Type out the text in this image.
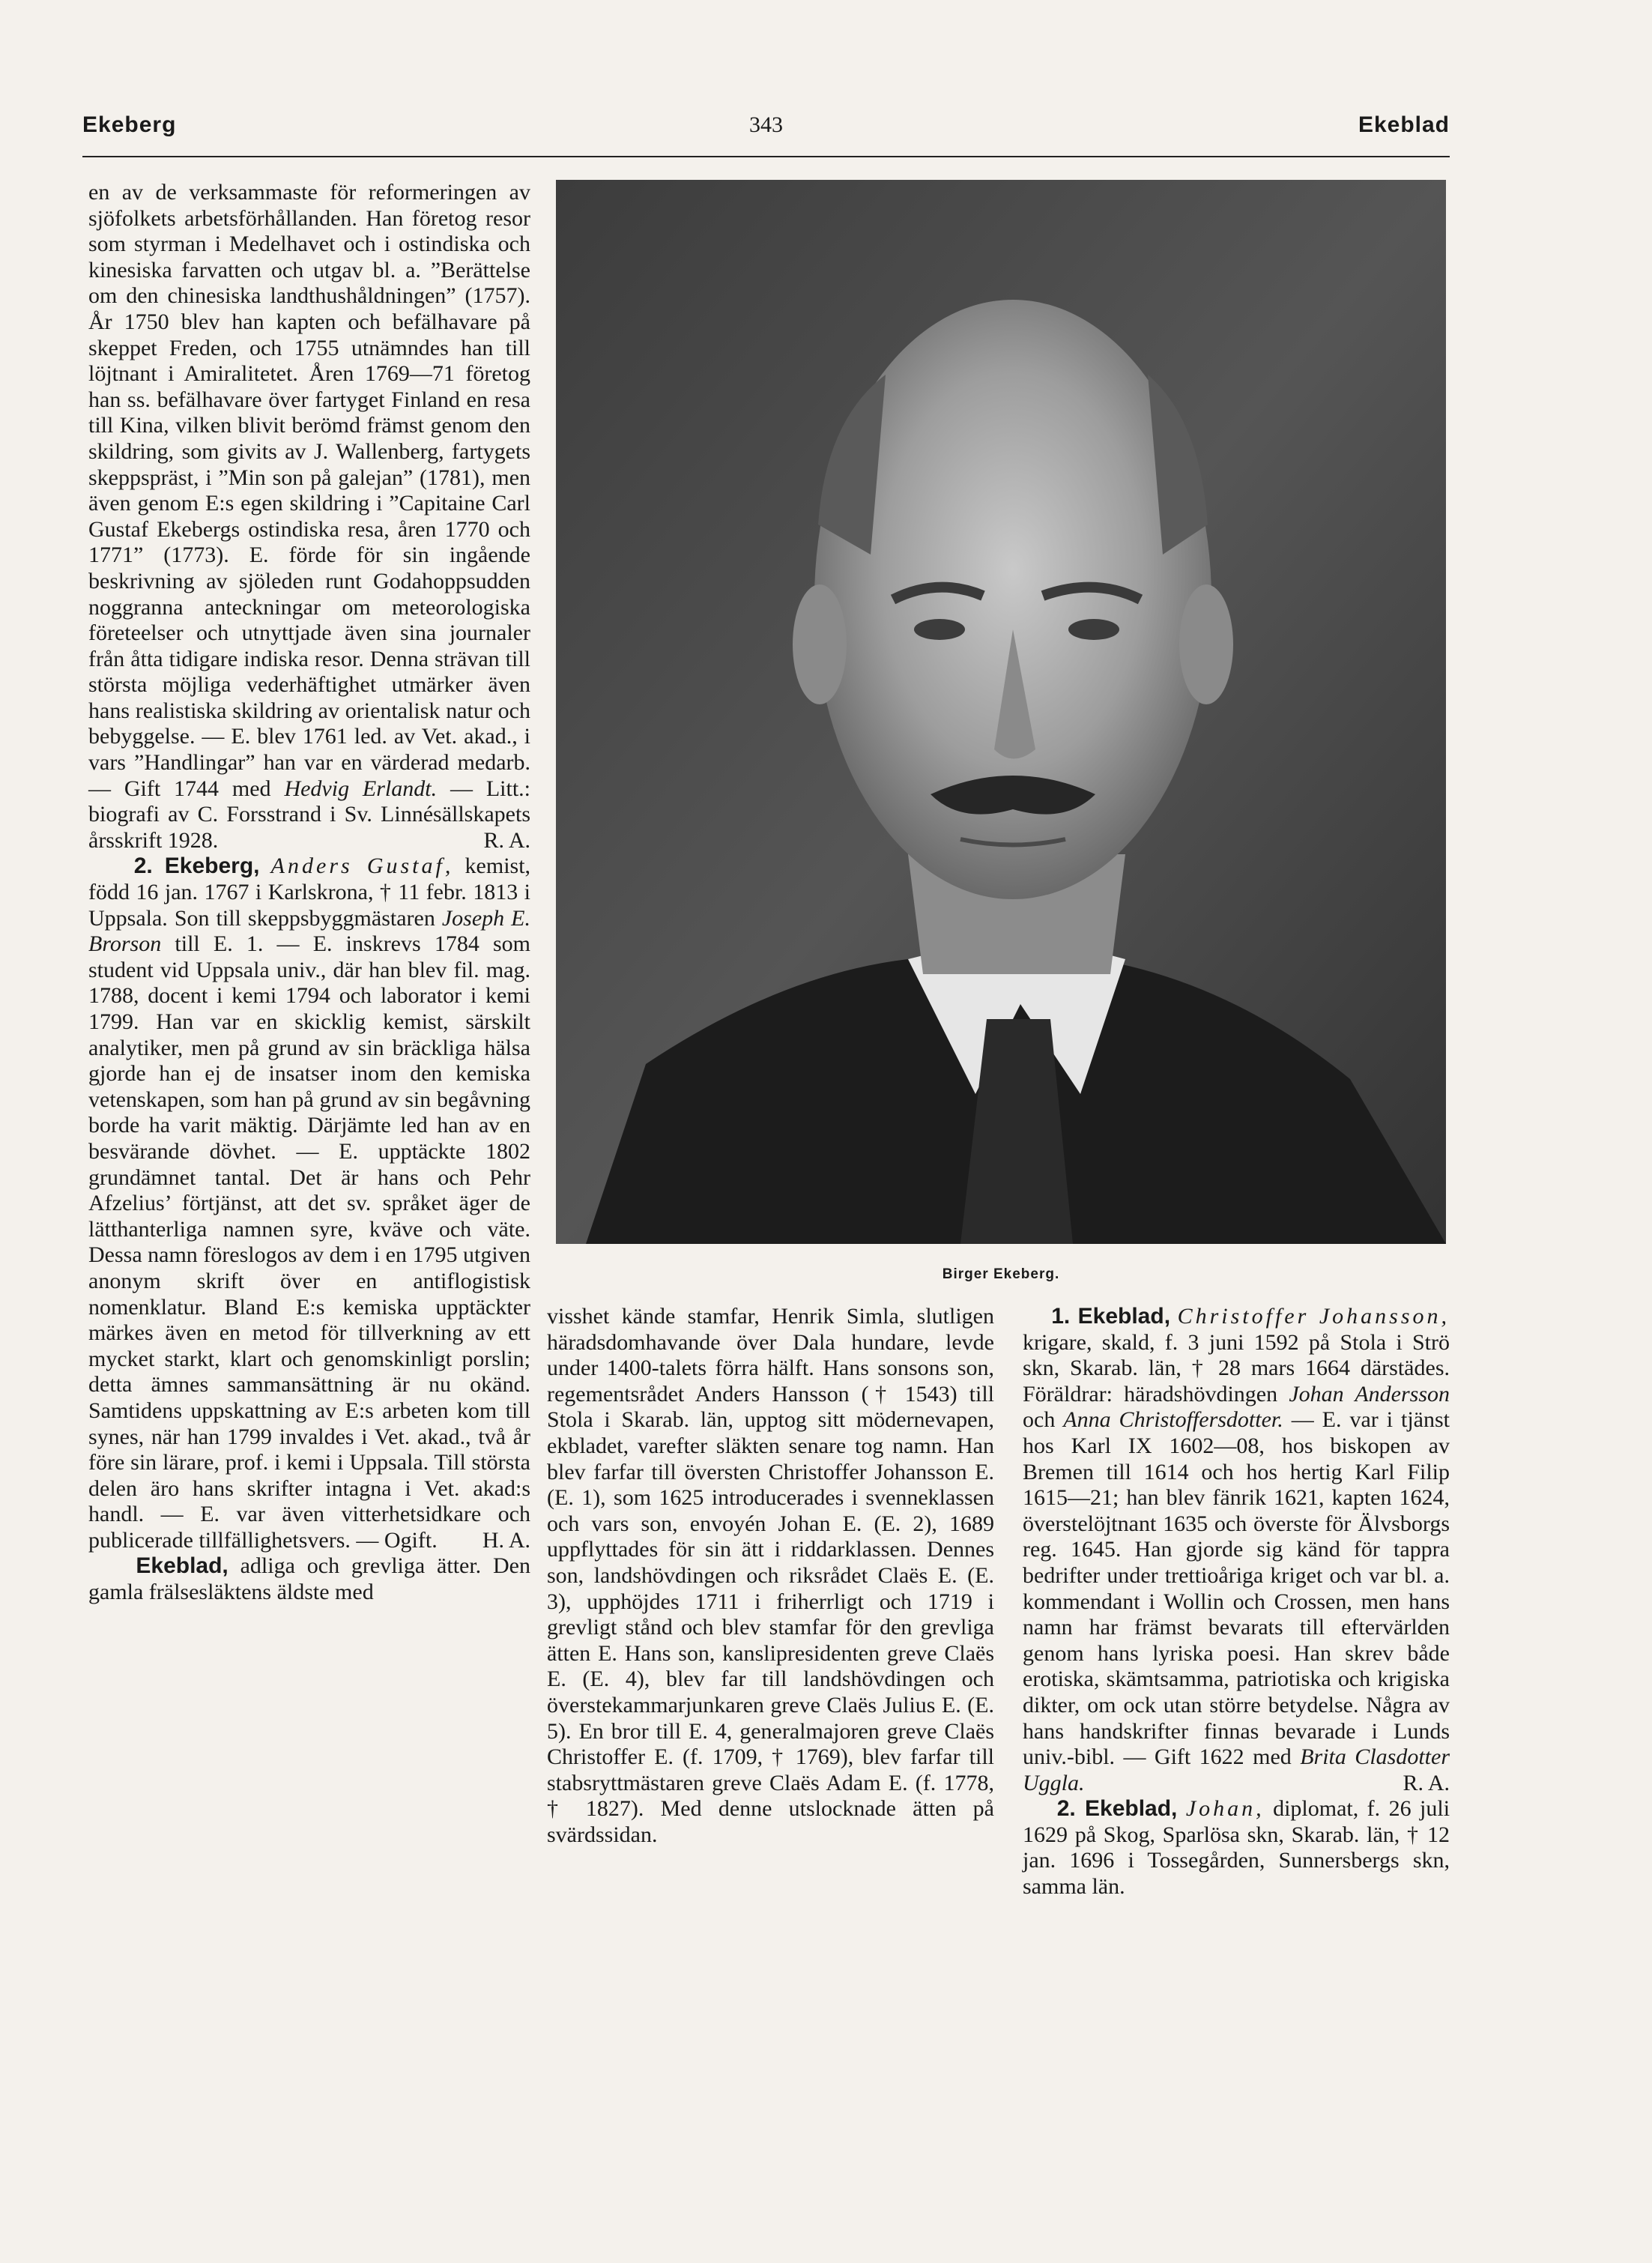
Ekeberg	343	Ekeblad

en av de verksammaste för reformeringen av sjöfolkets arbetsförhållanden. Han företog resor som styrman i Medelhavet och i ostindiska och kinesiska farvatten och utgav bl. a. ”Berättelse om den chinesiska landthushåldningen” (1757). År 1750 blev han kapten och befälhavare på skeppet Freden, och 1755 utnämndes han till löjtnant i Amiralitetet. Åren 1769—71 företog han ss. befälhavare över fartyget Finland en resa till Kina, vilken blivit berömd främst genom den skildring, som givits av J. Wallenberg, fartygets skeppspräst, i ”Min son på galejan” (1781), men även genom E:s egen skildring i ”Capitaine Carl Gustaf Ekebergs ostindiska resa, åren 1770 och 1771” (1773). E. förde för sin ingående beskrivning av sjöleden runt Godahoppsudden noggranna anteckningar om meteorologiska företeelser och utnyttjade även sina journaler från åtta tidigare indiska resor. Denna strävan till största möjliga vederhäftighet utmärker även hans realistiska skildring av orientalisk natur och bebyggelse. — E. blev 1761 led. av Vet. akad., i vars ”Handlingar” han var en värderad medarb. — Gift 1744 med Hedvig Erlandt. — Litt.: biografi av C. Forsstrand i Sv. Linnésällskapets årsskrift 1928.	R. A.

2. Ekeberg, Anders Gustaf, kemist, född 16 jan. 1767 i Karlskrona, † 11 febr. 1813 i Uppsala. Son till skeppsbyggmästaren Joseph E. Brorson till E. 1. — E. inskrevs 1784 som student vid Uppsala univ., där han blev fil. mag. 1788, docent i kemi 1794 och laborator i kemi 1799. Han var en skicklig kemist, särskilt analytiker, men på grund av sin bräckliga hälsa gjorde han ej de insatser inom den kemiska vetenskapen, som han på grund av sin begåvning borde ha varit mäktig. Därjämte led han av en besvärande dövhet. — E. upptäckte 1802 grundämnet tantal. Det är hans och Pehr Afzelius’ förtjänst, att det sv. språket äger de lätthanterliga namnen syre, kväve och väte. Dessa namn föreslogos av dem i en 1795 utgiven anonym skrift över en antiflogistisk nomenklatur. Bland E:s kemiska upptäckter märkes även en metod för tillverkning av ett mycket starkt, klart och genomskinligt porslin; detta ämnes sammansättning är nu okänd. Samtidens uppskattning av E:s arbeten kom till synes, när han 1799 invaldes i Vet. akad., två år före sin lärare, prof. i kemi i Uppsala. Till största delen äro hans skrifter intagna i Vet. akad:s handl. — E. var även vitterhetsidkare och publicerade tillfällighetsvers. — Ogift. H. A.

Ekeblad, adliga och grevliga ätter. Den gamla frälsesläktens äldste med

Birger Ekeberg.

visshet kände stamfar, Henrik Simla, slutligen häradsdomhavande över Dala hundare, levde under 1400-talets förra hälft. Hans sonsons son, regementsrådet Anders Hansson († 1543) till Stola i Skarab. län, upptog sitt mödernevapen, ekbladet, varefter släkten senare tog namn. Han blev farfar till översten Christoffer Johansson E. (E. 1), som 1625 introducerades i svenneklassen och vars son, envoyén Johan E. (E. 2), 1689 uppflyttades för sin ätt i riddarklassen. Dennes son, landshövdingen och riksrådet Claës E. (E. 3), upphöjdes 1711 i friherrligt och 1719 i grevligt stånd och blev stamfar för den grevliga ätten E. Hans son, kanslipresidenten greve Claës E. (E. 4), blev far till landshövdingen och överstekammarjunkaren greve Claës Julius E. (E. 5). En bror till E. 4, generalmajoren greve Claës Christoffer E. (f. 1709, † 1769), blev farfar till stabsryttmästaren greve Claës Adam E. (f. 1778, † 1827). Med denne utslocknade ätten på svärdssidan.

1. Ekeblad, Christoffer Johansson, krigare, skald, f. 3 juni 1592 på Stola i Strö skn, Skarab. län, † 28 mars 1664 därstädes. Föräldrar: häradshövdingen Johan Andersson och Anna Christoffersdotter. — E. var i tjänst hos Karl IX 1602—08, hos biskopen av Bremen till 1614 och hos hertig Karl Filip 1615—21; han blev fänrik 1621, kapten 1624, överstelöjtnant 1635 och överste för Älvsborgs reg. 1645. Han gjorde sig känd för tappra bedrifter under trettioåriga kriget och var bl. a. kommendant i Wollin och Crossen, men hans namn har främst bevarats till eftervärlden genom hans lyriska poesi. Han skrev både erotiska, skämtsamma, patriotiska och krigiska dikter, om ock utan större betydelse. Några av hans handskrifter finnas bevarade i Lunds univ.-bibl. — Gift 1622 med Brita Clasdotter Uggla.	R. A.

2. Ekeblad, Johan, diplomat, f. 26 juli 1629 på Skog, Sparlösa skn, Skarab. län, † 12 jan. 1696 i Tossegården, Sunnersbergs skn, samma län.
